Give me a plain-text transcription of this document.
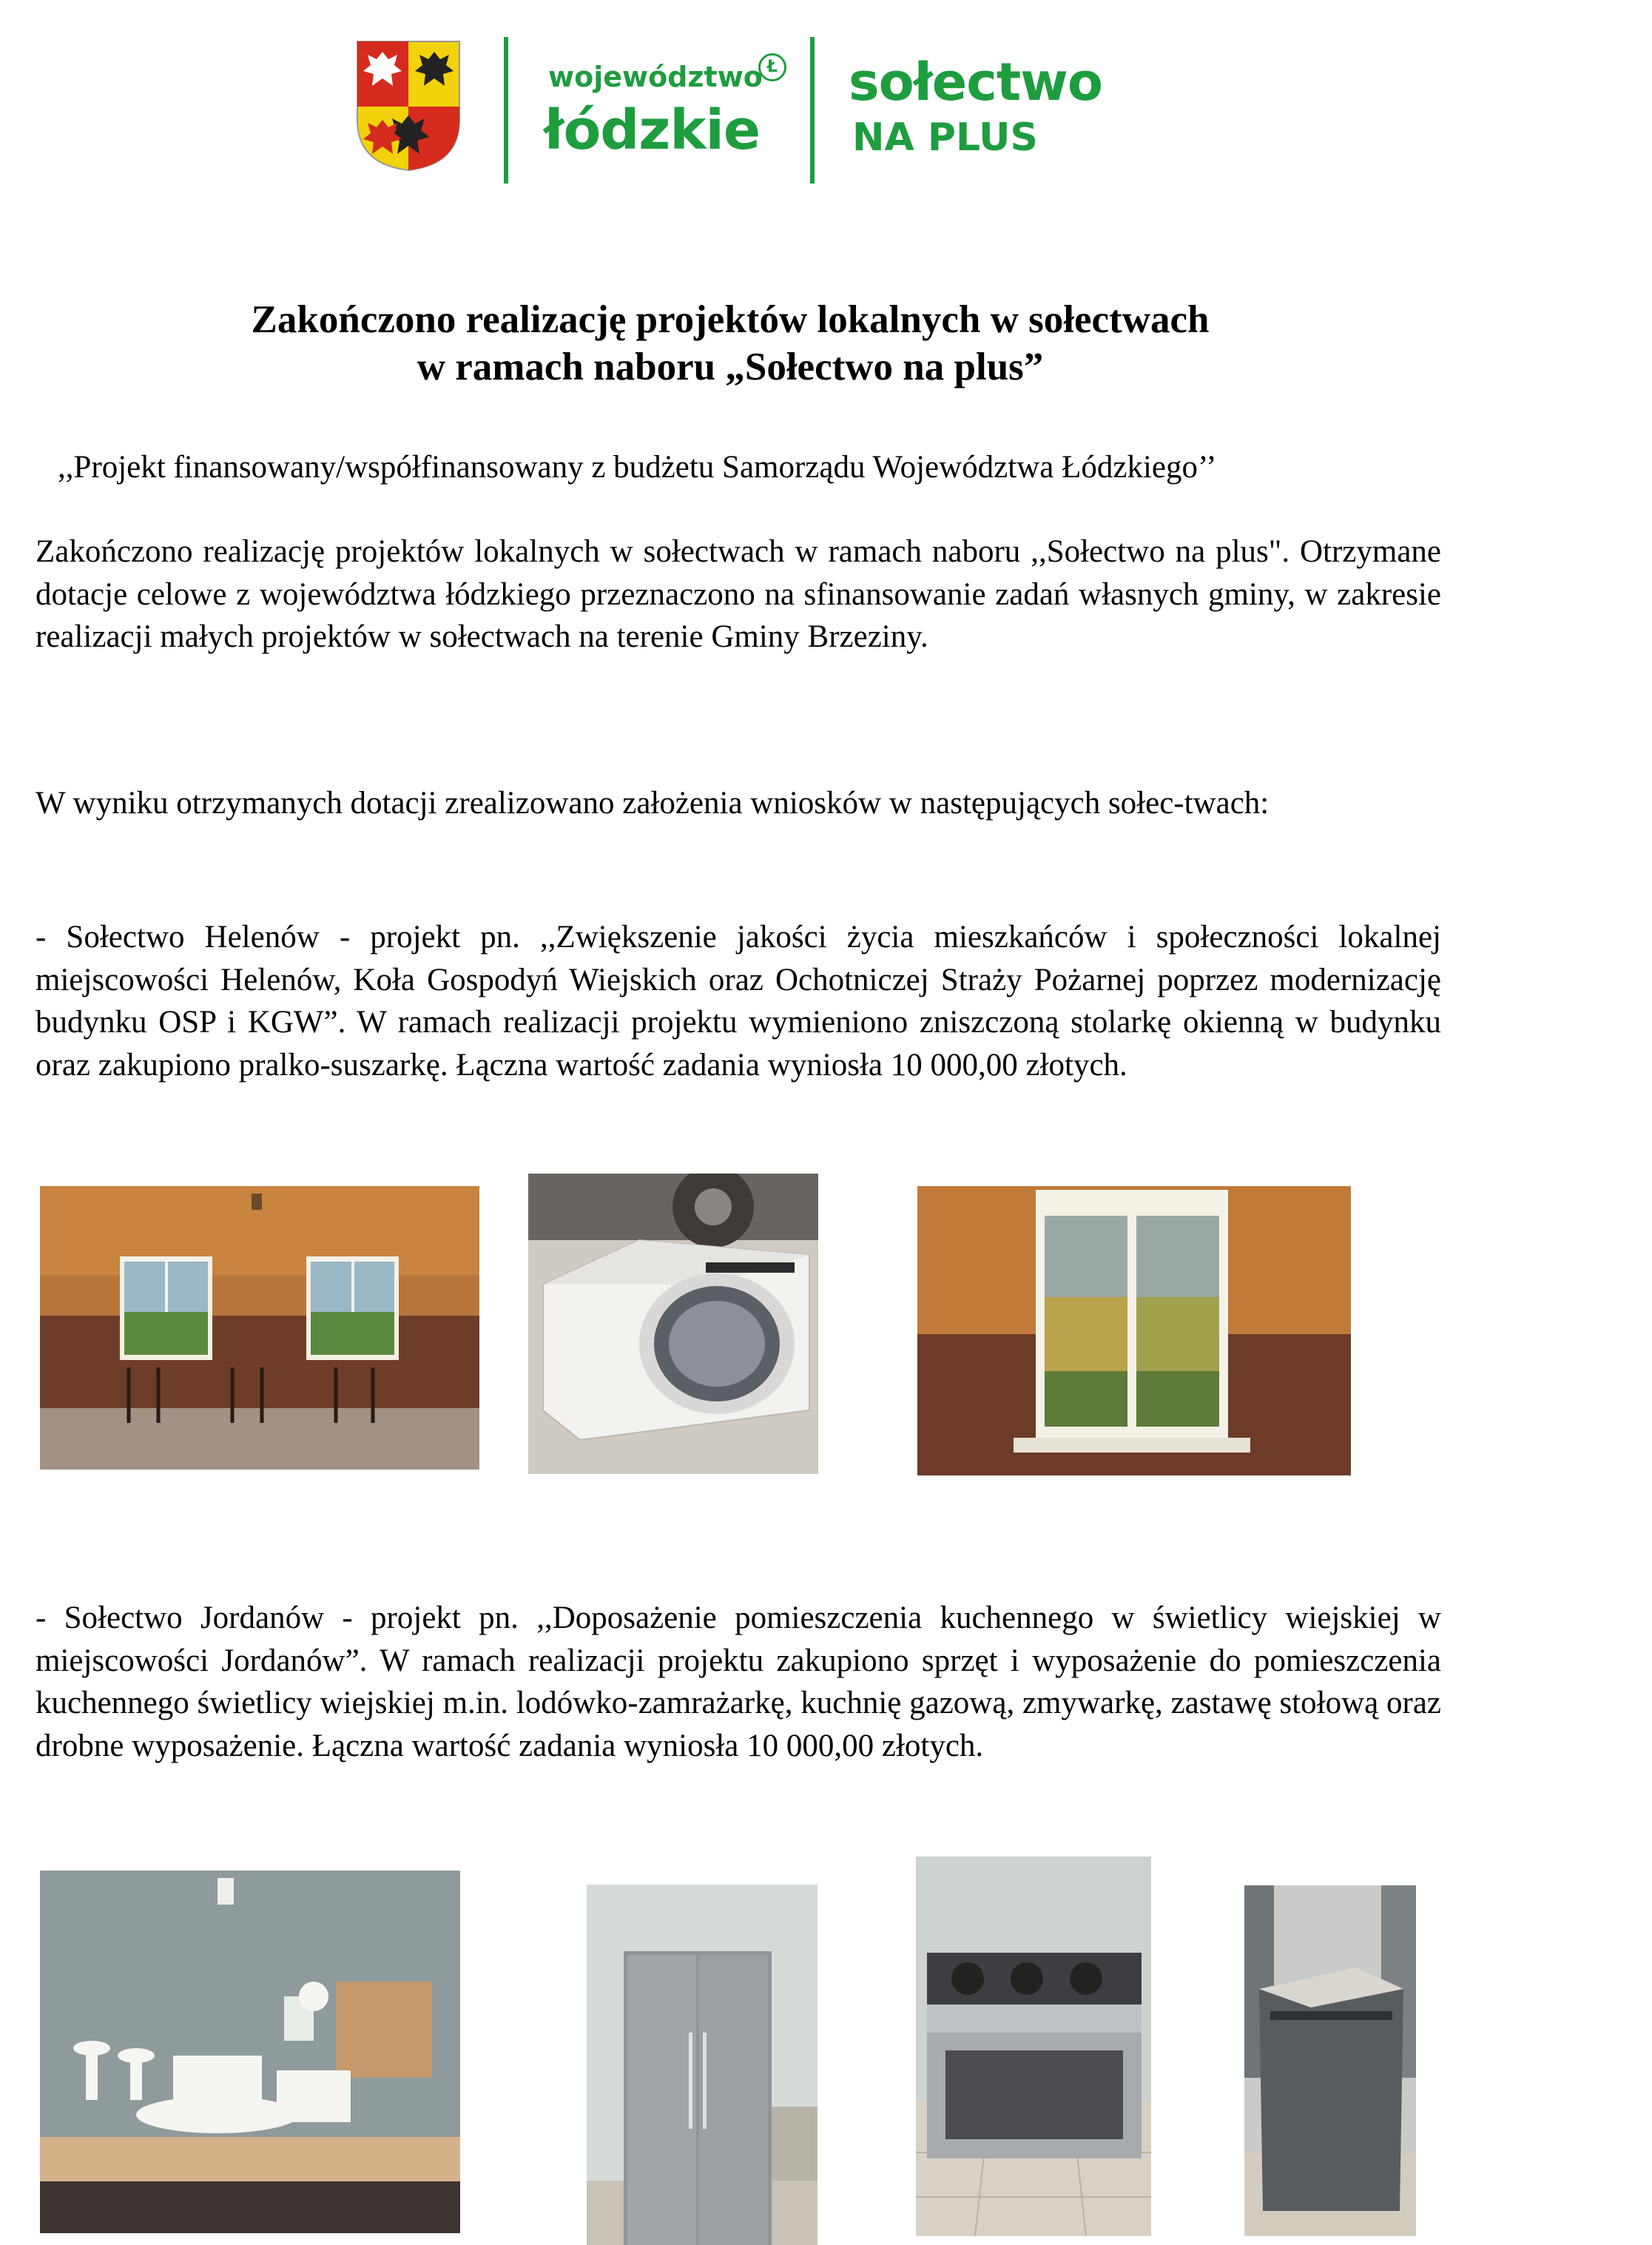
województwo Ł
łódzkie
sołectwo
NA PLUS
Zakończono realizację projektów lokalnych w sołectwach
w ramach naboru „Sołectwo na plus”
,,Projekt finansowany/współfinansowany z budżetu Samorządu Województwa Łódzkiego’’
Zakończono realizację projektów lokalnych w sołectwach w ramach naboru ,,Sołectwo na plus". Otrzymane dotacje celowe z województwa łódzkiego przeznaczono na sfinansowanie zadań własnych gminy, w zakresie realizacji małych projektów w sołectwach na terenie Gminy Brzeziny.
W wyniku otrzymanych dotacji zrealizowano założenia wniosków w następujących sołec-twach:
- Sołectwo Helenów - projekt pn. ,,Zwiększenie jakości życia mieszkańców i społeczności lokalnej miejscowości Helenów, Koła Gospodyń Wiejskich oraz Ochotniczej Straży Pożarnej poprzez modernizację budynku OSP i KGW”. W ramach realizacji projektu wymieniono zniszczoną stolarkę okienną w budynku oraz zakupiono pralko-suszarkę. Łączna wartość zadania wyniosła 10 000,00 złotych.
- Sołectwo Jordanów - projekt pn. ,,Doposażenie pomieszczenia kuchennego w świetlicy wiejskiej w miejscowości Jordanów”. W ramach realizacji projektu zakupiono sprzęt i wyposażenie do pomieszczenia kuchennego świetlicy wiejskiej m.in. lodówko-zamrażarkę, kuchnię gazową, zmywarkę, zastawę stołową oraz drobne wyposażenie. Łączna wartość zadania wyniosła 10 000,00 złotych.
